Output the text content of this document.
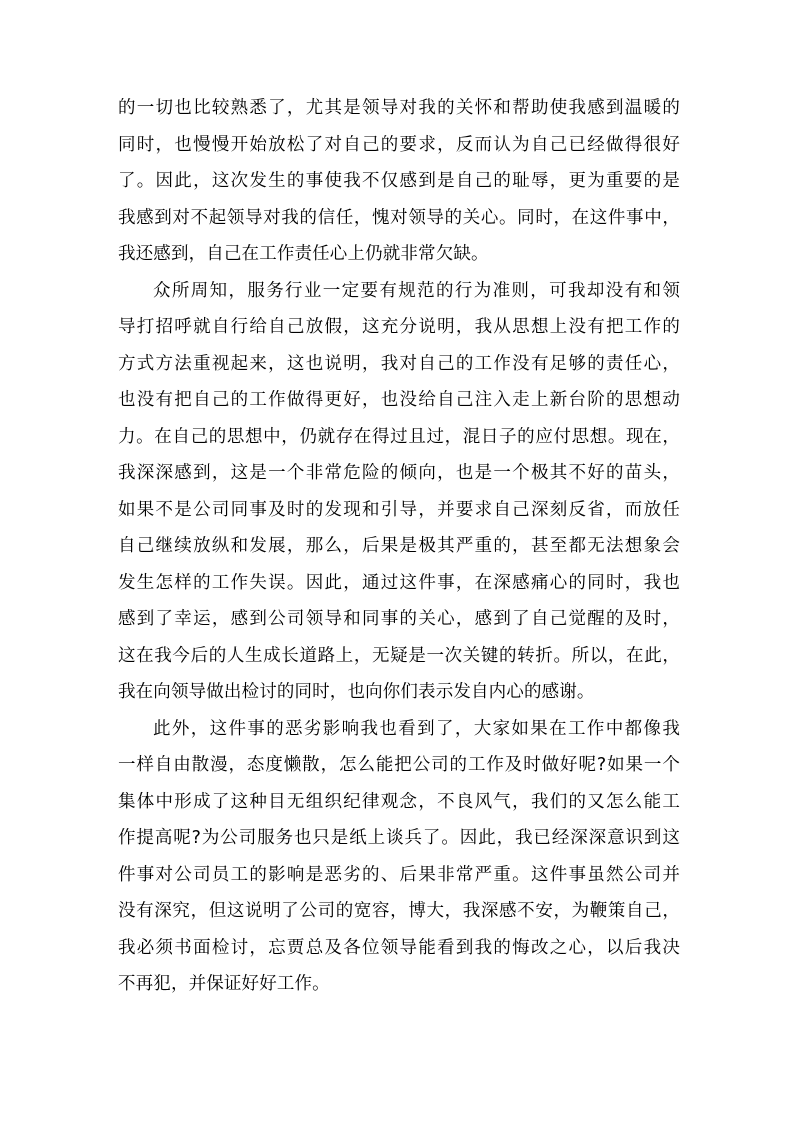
的一切也比较熟悉了，尤其是领导对我的关怀和帮助使我感到温暖的
同时，也慢慢开始放松了对自己的要求，反而认为自己已经做得很好
了。因此，这次发生的事使我不仅感到是自己的耻辱，更为重要的是
我感到对不起领导对我的信任，愧对领导的关心。同时，在这件事中，
我还感到，自己在工作责任心上仍就非常欠缺。
众所周知，服务行业一定要有规范的行为准则，可我却没有和领
导打招呼就自行给自己放假，这充分说明，我从思想上没有把工作的
方式方法重视起来，这也说明，我对自己的工作没有足够的责任心，
也没有把自己的工作做得更好，也没给自己注入走上新台阶的思想动
力。在自己的思想中，仍就存在得过且过，混日子的应付思想。现在，
我深深感到，这是一个非常危险的倾向，也是一个极其不好的苗头，
如果不是公司同事及时的发现和引导，并要求自己深刻反省，而放任
自己继续放纵和发展，那么，后果是极其严重的，甚至都无法想象会
发生怎样的工作失误。因此，通过这件事，在深感痛心的同时，我也
感到了幸运，感到公司领导和同事的关心，感到了自己觉醒的及时，
这在我今后的人生成长道路上，无疑是一次关键的转折。所以，在此，
我在向领导做出检讨的同时，也向你们表示发自内心的感谢。
此外，这件事的恶劣影响我也看到了，大家如果在工作中都像我
一样自由散漫，态度懒散，怎么能把公司的工作及时做好呢?如果一个
集体中形成了这种目无组织纪律观念，不良风气，我们的又怎么能工
作提高呢?为公司服务也只是纸上谈兵了。因此，我已经深深意识到这
件事对公司员工的影响是恶劣的、后果非常严重。这件事虽然公司并
没有深究，但这说明了公司的宽容，博大，我深感不安，为鞭策自己，
我必须书面检讨，忘贾总及各位领导能看到我的悔改之心，以后我决
不再犯，并保证好好工作。
